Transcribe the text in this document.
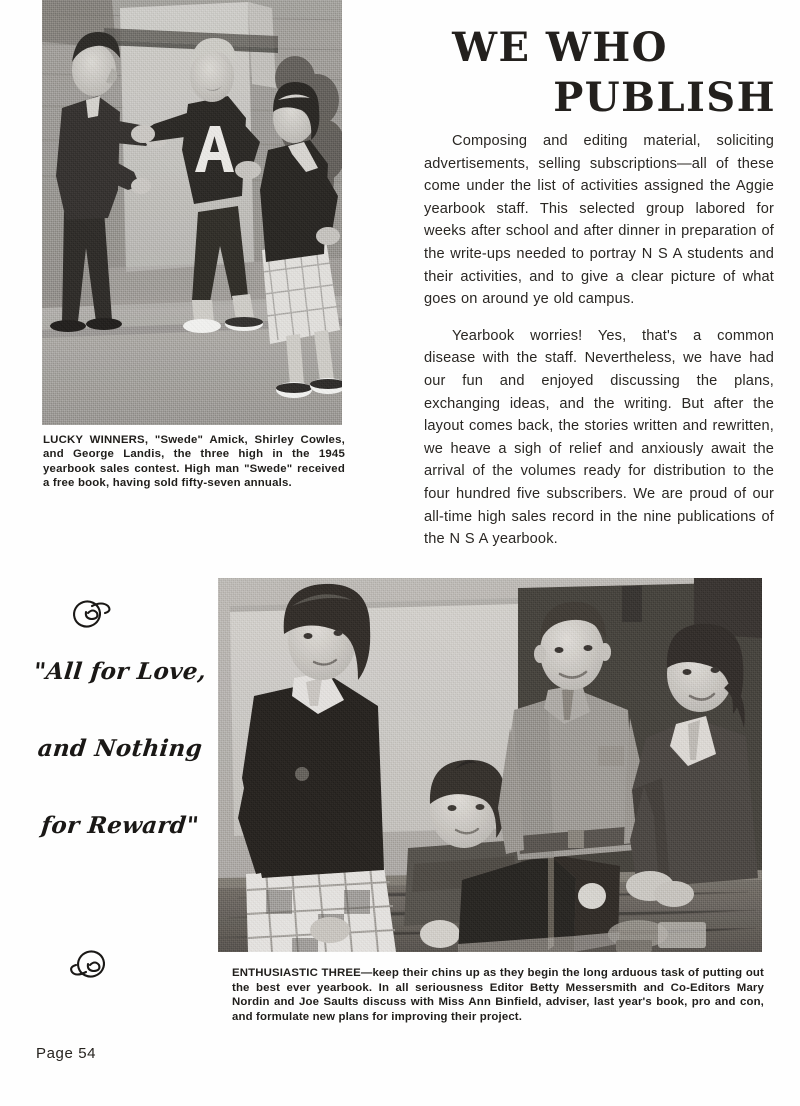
LUCKY WINNERS, "Swede" Amick, Shirley Cowles, and George Landis, the three high in the 1945 yearbook sales contest. High man "Swede" received a free book, having sold fifty-seven annuals.
WE WHO
PUBLISH

Composing and editing material, soliciting advertisements, selling subscriptions—all of these come under the list of activities assigned the Aggie yearbook staff. This selected group labored for weeks after school and after dinner in preparation of the write-ups needed to portray N S A students and their activities, and to give a clear picture of what goes on around ye old campus.

Yearbook worries! Yes, that's a common disease with the staff. Nevertheless, we have had our fun and enjoyed discussing the plans, exchanging ideas, and the writing. But after the layout comes back, the stories written and rewritten, we heave a sigh of relief and anxiously await the arrival of the volumes ready for distribution to the four hundred five subscribers. We are proud of our all-time high sales record in the nine publications of the N S A yearbook.

"All for Love,
and Nothing
for Reward"
ENTHUSIASTIC THREE—keep their chins up as they begin the long arduous task of putting out the best ever yearbook. In all seriousness Editor Betty Messersmith and Co-Editors Mary Nordin and Joe Saults discuss with Miss Ann Binfield, adviser, last year's book, pro and con, and formulate new plans for improving their project.
Page 54
